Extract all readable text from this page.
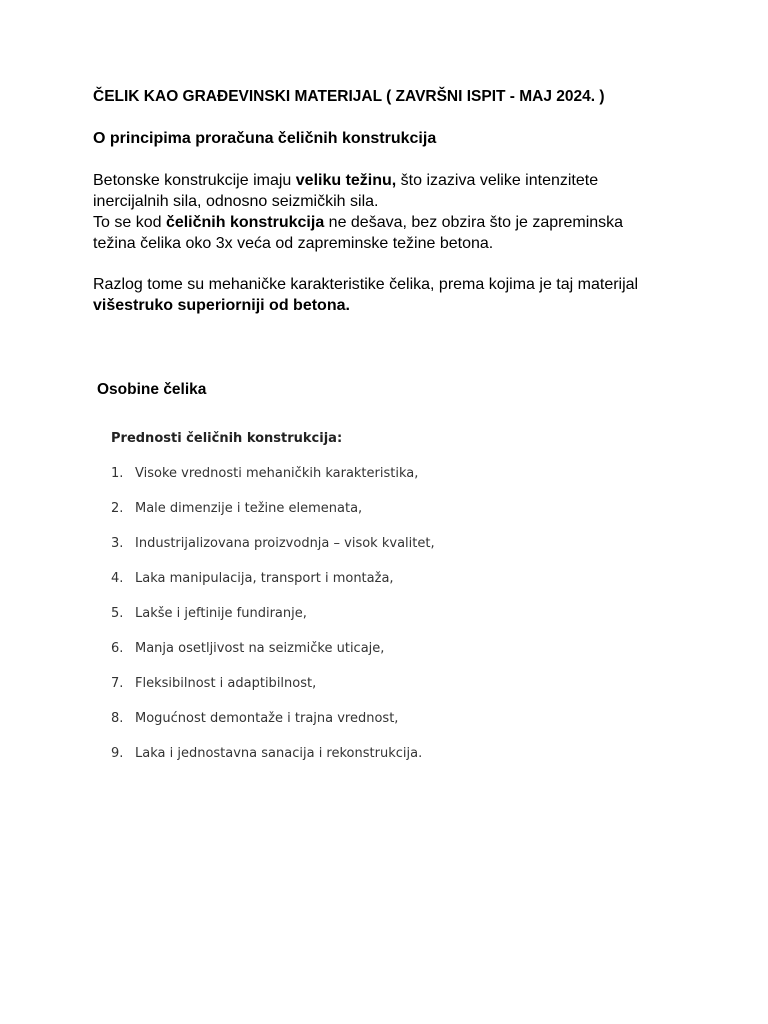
ČELIK KAO GRAĐEVINSKI MATERIJAL ( ZAVRŠNI ISPIT - MAJ 2024. )
O principima proračuna čeličnih konstrukcija

Betonske konstrukcije imaju veliku težinu, što izaziva velike intenzitete
inercijalnih sila, odnosno seizmičkih sila.
To se kod čeličnih konstrukcija ne dešava, bez obzira što je zapreminska
težina čelika oko 3x veća od zapreminske težine betona.

Razlog tome su mehaničke karakteristike čelika, prema kojima je taj materijal
višestruko superiorniji od betona.

Osobine čelika
Prednosti čeličnih konstrukcija:
1. Visoke vrednosti mehaničkih karakteristika,
2. Male dimenzije i težine elemenata,
3. Industrijalizovana proizvodnja – visok kvalitet,
4. Laka manipulacija, transport i montaža,
5. Lakše i jeftinije fundiranje,
6. Manja osetljivost na seizmičke uticaje,
7. Fleksibilnost i adaptibilnost,
8. Mogućnost demontaže i trajna vrednost,
9. Laka i jednostavna sanacija i rekonstrukcija.
